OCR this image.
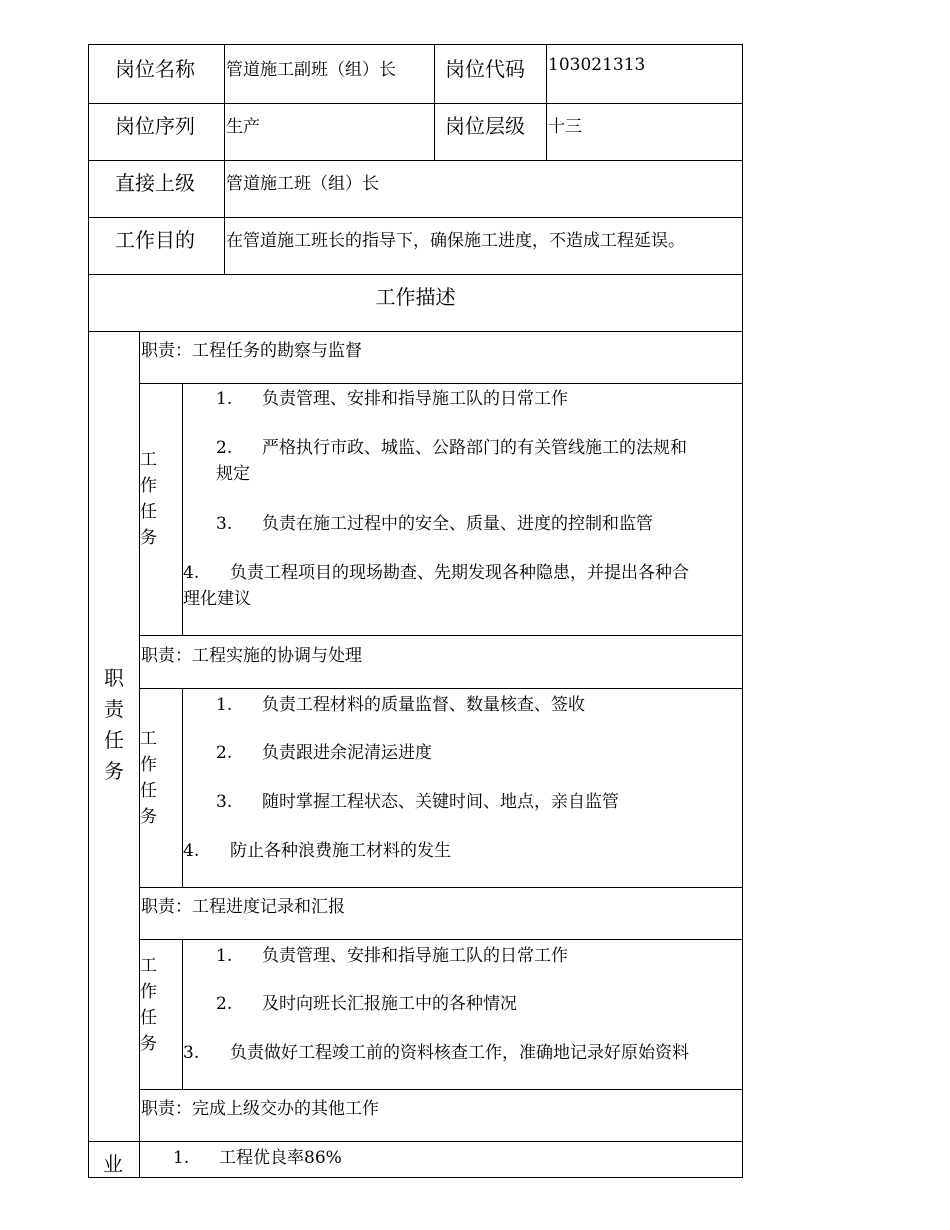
岗位名称 管道施工副班（组）长 岗位代码 103021313
岗位序列 生产	岗位层级 十三
直接上级 管道施工班（组）长
工作目的 在管道施工班长的指导下，确保施工进度，不造成工程延误。
工作描述
职
责
任
务
职责：工程任务的勘察与监督
工
作
任
务
1. 负责管理、安排和指导施工队的日常工作
2. 严格执行市政、城监、公路部门的有关管线施工的法规和
规定
3. 负责在施工过程中的安全、质量、进度的控制和监管
4. 负责工程项目的现场勘查、先期发现各种隐患，并提出各种合
理化建议
职责：工程实施的协调与处理
工
作
任
务
1. 负责工程材料的质量监督、数量核查、签收
2. 负责跟进余泥清运进度
3. 随时掌握工程状态、关键时间、地点，亲自监管
4. 防止各种浪费施工材料的发生
职责：工程进度记录和汇报
工
作
任
务
1. 负责管理、安排和指导施工队的日常工作
2. 及时向班长汇报施工中的各种情况
3. 负责做好工程竣工前的资料核查工作，准确地记录好原始资料
职责：完成上级交办的其他工作
业	1. 工程优良率86%
